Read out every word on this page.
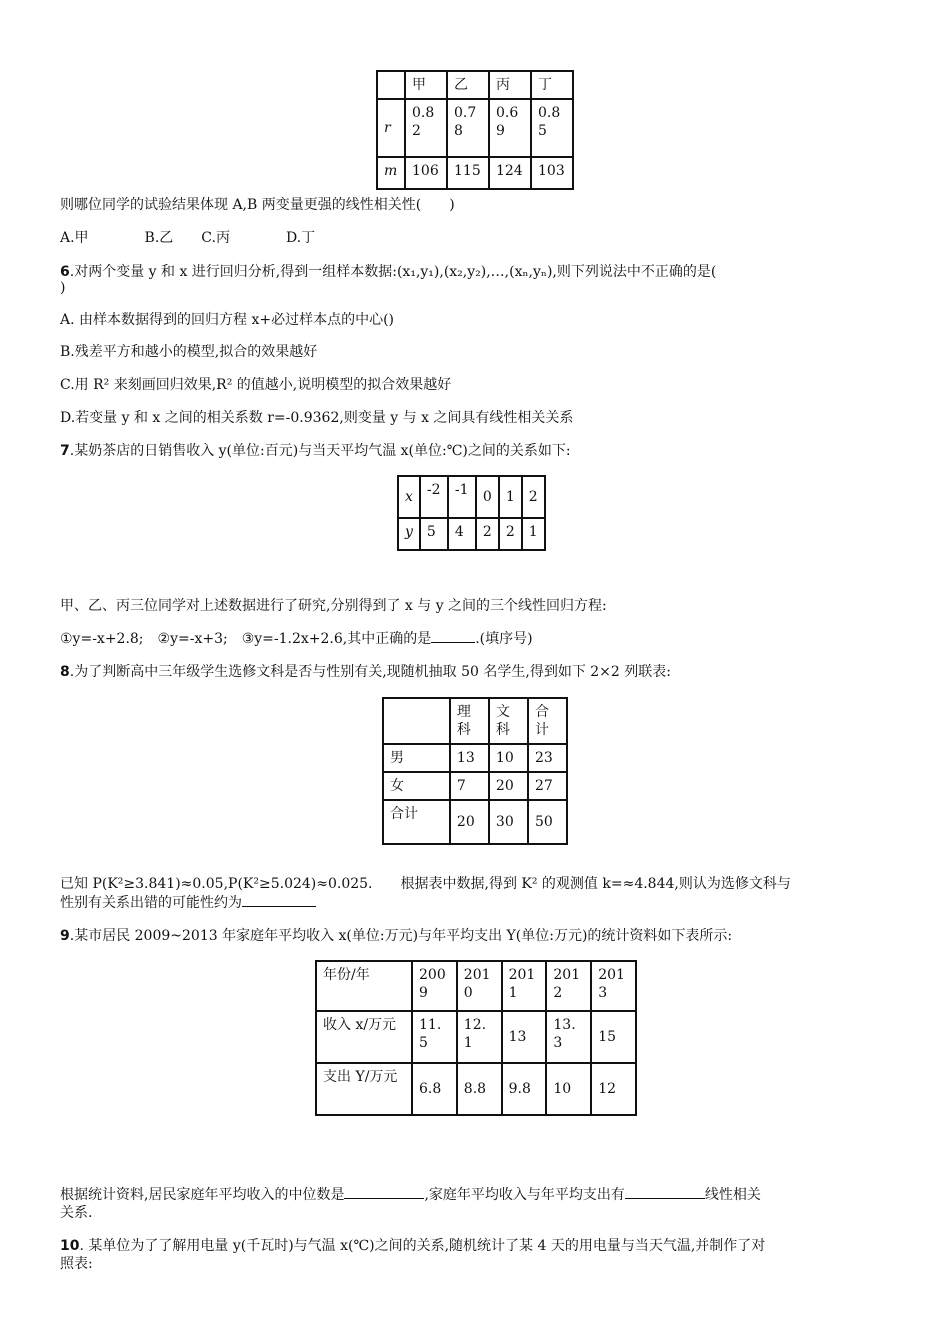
	甲	乙	丙	丁
r	0.82	0.78	0.69	0.85
m	106	115	124	103
则哪位同学的试验结果体现 A,B 两变量更强的线性相关性(　　)
A.甲　　　　B.乙　　C.丙　　　　D.丁
6.对两个变量 y 和 x 进行回归分析,得到一组样本数据:(x₁,y₁),(x₂,y₂),…,(xₙ,yₙ),则下列说法中不正确的是(
)
A. 由样本数据得到的回归方程 x+必过样本点的中心()
B.残差平方和越小的模型,拟合的效果越好
C.用 R² 来刻画回归效果,R² 的值越小,说明模型的拟合效果越好
D.若变量 y 和 x 之间的相关系数 r=-0.9362,则变量 y 与 x 之间具有线性相关关系
7.某奶茶店的日销售收入 y(单位:百元)与当天平均气温 x(单位:℃)之间的关系如下:
x	-2	-1	0	1	2
y	5	4	2	2	1
甲、乙、丙三位同学对上述数据进行了研究,分别得到了 x 与 y 之间的三个线性回归方程:
①y=-x+2.8;　②y=-x+3;　③y=-1.2x+2.6,其中正确的是	.(填序号)
8.为了判断高中三年级学生选修文科是否与性别有关,现随机抽取 50 名学生,得到如下 2×2 列联表:
	理科	文科	合计
男	13	10	23
女	7	20	27
合计	20	30	50
已知 P(K²≥3.841)≈0.05,P(K²≥5.024)≈0.025.　　根据表中数据,得到 K² 的观测值 k=≈4.844,则认为选修文科与
性别有关系出错的可能性约为
9.某市居民 2009~2013 年家庭年平均收入 x(单位:万元)与年平均支出 Y(单位:万元)的统计资料如下表所示:
年份/年	2009	2010	2011	2012	2013
收入 x/万元	11.5	12.1	13	13.3	15
支出 Y/万元	6.8	8.8	9.8	10	12
根据统计资料,居民家庭年平均收入的中位数是	,家庭年平均收入与年平均支出有	线性相关
关系.
10. 某单位为了了解用电量 y(千瓦时)与气温 x(℃)之间的关系,随机统计了某 4 天的用电量与当天气温,并制作了对
照表:
